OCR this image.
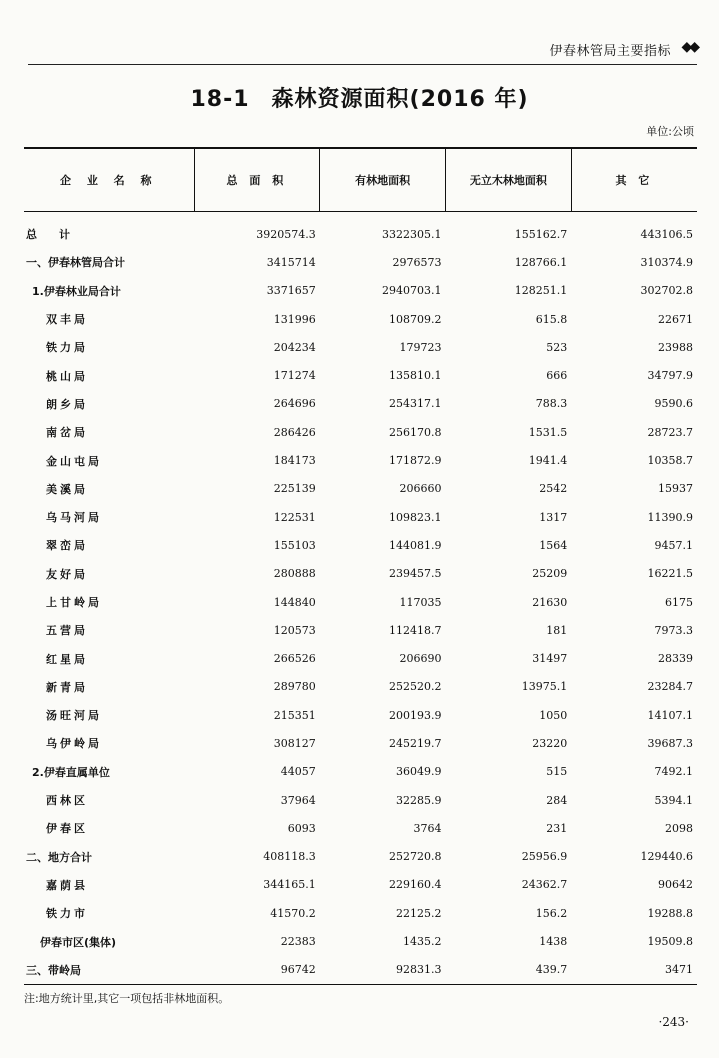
伊春林管局主要指标 ◆◆
18-1 森林资源面积(2016 年)
单位:公顷
企 业 名 称	总 面 积	有林地面积	无立木林地面积	其 它
总　　计	3920574.3	3322305.1	155162.7	443106.5
一、伊春林管局合计	3415714	2976573	128766.1	310374.9
1.伊春林业局合计	3371657	2940703.1	128251.1	302702.8
双丰局	131996	108709.2	615.8	22671
铁力局	204234	179723	523	23988
桃山局	171274	135810.1	666	34797.9
朗乡局	264696	254317.1	788.3	9590.6
南岔局	286426	256170.8	1531.5	28723.7
金山屯局	184173	171872.9	1941.4	10358.7
美溪局	225139	206660	2542	15937
乌马河局	122531	109823.1	1317	11390.9
翠峦局	155103	144081.9	1564	9457.1
友好局	280888	239457.5	25209	16221.5
上甘岭局	144840	117035	21630	6175
五营局	120573	112418.7	181	7973.3
红星局	266526	206690	31497	28339
新青局	289780	252520.2	13975.1	23284.7
汤旺河局	215351	200193.9	1050	14107.1
乌伊岭局	308127	245219.7	23220	39687.3
2.伊春直属单位	44057	36049.9	515	7492.1
西林区	37964	32285.9	284	5394.1
伊春区	6093	3764	231	2098
二、地方合计	408118.3	252720.8	25956.9	129440.6
嘉荫县	344165.1	229160.4	24362.7	90642
铁力市	41570.2	22125.2	156.2	19288.8
伊春市区(集体)	22383	1435.2	1438	19509.8
三、带岭局	96742	92831.3	439.7	3471
注:地方统计里,其它一项包括非林地面积。
·243·
